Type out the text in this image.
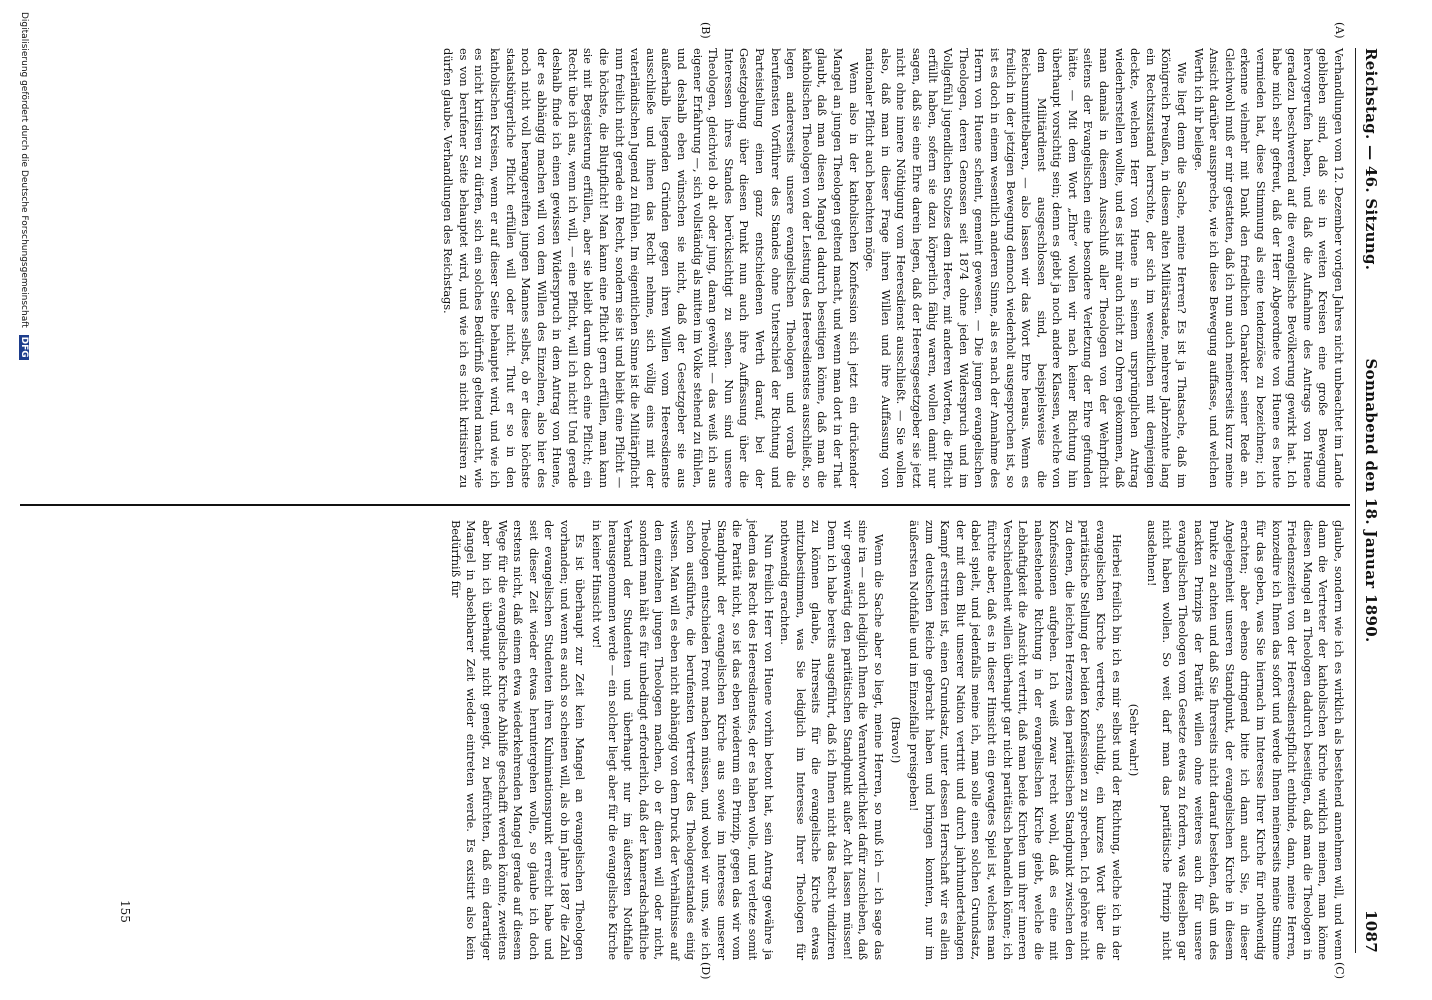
Reichstag. — 46. Sitzung.
Sonnabend den 18. Januar 1890.
1087
(A)
(B)
(C)
(D)

Verhandlungen vom 12. Dezember vorigen Jahres nicht unbeachtet im Lande geblieben sind, daß sie in weiten Kreisen eine große Bewegung hervorgerufen haben, und daß die Aufnahme des Antrags von Huene geradezu beschwerend auf die evangelische Bevölkerung gewirkt hat. Ich habe mich sehr gefreut, daß der Herr Abgeordnete von Huene es heute vermieden hat, diese Stimmung als eine tendenziöse zu bezeichnen; ich erkenne vielmehr mit Dank den friedlichen Charakter seiner Rede an. Gleichwohl muß er mir gestatten, daß ich nun auch meinerseits kurz meine Ansicht darüber ausspreche, wie ich diese Bewegung auffasse, und welchen Werth ich ihr beilege.

Wie liegt denn die Sache, meine Herren? Es ist ja Thatsache, daß im Königreich Preußen, in diesem alten Militärstaate, mehrere Jahrzehnte lang ein Rechtszustand herrschte, der sich im wesentlichen mit demjenigen deckte, welchen Herr von Huene in seinem ursprünglichen Antrag wiederherstellen wollte, und es ist mir auch nicht zu Ohren gekommen, daß man damals in diesem Ausschluß aller Theologen von der Wehrpflicht seitens der Evangelischen eine besondere Verletzung der Ehre gefunden hätte. — Mit dem Wort „Ehre“ wollen wir nach keiner Richtung hin überhaupt vorsichtig sein; denn es giebt ja noch andere Klassen, welche von dem Militärdienst ausgeschlossen sind, beispielsweise die Reichsunmittelbaren, — also lassen wir das Wort Ehre heraus. Wenn es freilich in der jetzigen Bewegung dennoch wiederholt ausgesprochen ist, so ist es doch in einem wesentlich anderen Sinne, als es nach der Annahme des Herrn von Huene scheint, gemeint gewesen. — Die jungen evangelischen Theologen, deren Genossen seit 1874 ohne jeden Widerspruch und im Vollgefühl jugendlichen Stolzes dem Heere, mit anderen Worten, die Pflicht erfüllt haben, sofern sie dazu körperlich fähig waren, wollen damit nur sagen, daß sie eine Ehre darein legen, daß der Heeresgesetzgeber sie jetzt nicht ohne innere Nöthigung vom Heeresdienst ausschließt. — Sie wollen also, daß man in dieser Frage ihren Willen und ihre Auffassung von nationaler Pflicht auch beachten möge.

Wenn also in der katholischen Konfession sich jetzt ein drückender Mangel an jungen Theologen geltend macht, und wenn man dort in der That glaubt, daß man diesen Mangel dadurch beseitigen könne, daß man die katholischen Theologen von der Leistung des Heeresdienstes ausschließt, so legen andererseits unsere evangelischen Theologen und vorab die berufensten Vorführer des Standes ohne Unterschied der Richtung und Parteistellung einen ganz entschiedenen Werth darauf, bei der Gesetzgebung über diesen Punkt nun auch ihre Auffassung über die Interessen ihres Standes berücksichtigt zu sehen. Nun sind unsere Theologen, gleichviel ob alt oder jung, daran gewöhnt — das weiß ich aus eigener Erfahrung —, sich vollständig als mitten im Volke stehend zu fühlen, und deshalb eben wünschen sie nicht, daß der Gesetzgeber sie aus außerhalb liegenden Gründen gegen ihren Willen vom Heeresdienste ausschließe und ihnen das Recht nehme, sich völlig eins mit der vaterländischen Jugend zu fühlen. Im eigentlichen Sinne ist die Militärpflicht nun freilich nicht gerade ein Recht, sondern sie ist und bleibt eine Pflicht — die höchste, die Blutpflicht! Man kann eine Pflicht gern erfüllen, man kann sie mit Begeisterung erfüllen, aber sie bleibt darum doch eine Pflicht; ein Recht übe ich aus, wenn ich will, — eine Pflicht, will ich nicht! Und gerade deshalb finde ich einen gewissen Widerspruch in dem Antrag von Huene, der es abhängig machen will von dem Willen des Einzelnen, also hier des noch nicht voll herangereiften jungen Mannes selbst, ob er diese höchste staatsbürgerliche Pflicht erfüllen will oder nicht. Thut er so in den katholischen Kreisen, wenn er auf dieser Seite behauptet wird, und wie ich es nicht kritisiren zu dürfen, sich ein solches Bedürfniß geltend macht, wie es von berufener Seite behauptet wird, und wie ich es nicht kritisiren zu dürfen glaube. Verhandlungen des Reichstags.

glaube, sondern wie ich es wirklich als bestehend annehmen will, und wenn dann die Vertreter der katholischen Kirche wirklich meinen, man könne diesen Mangel an Theologen dadurch beseitigen, daß man die Theologen in Friedenszeiten von der Heeresdienstpflicht entbinde, dann, meine Herren, konzedire ich Ihnen das sofort und werde Ihnen meinerseits meine Stimme für das geben, was Sie hiernach im Interesse Ihrer Kirche für nothwendig erachten; aber ebenso dringend bitte ich dann auch Sie, in dieser Angelegenheit unseren Standpunkt, der evangelischen Kirche in diesem Punkte zu achten und daß Sie Ihrerseits nicht darauf bestehen, daß um des nackten Prinzips der Parität willen ohne weiteres auch für unsere evangelischen Theologen vom Gesetze etwas zu fordern, was dieselben gar nicht haben wollen. So weit darf man das paritätische Prinzip nicht ausdehnen!

(Sehr wahr!)

Hierbei freilich bin ich es mir selbst und der Richtung, welche ich in der evangelischen Kirche vertrete, schuldig, ein kurzes Wort über die paritätische Stellung der beiden Konfessionen zu sprechen. Ich gehöre nicht zu denen, die leichten Herzens den paritätischen Standpunkt zwischen den Konfessionen aufgeben. Ich weiß zwar recht wohl, daß es eine mit nahestehende Richtung in der evangelischen Kirche giebt, welche die Lebhaftigkeit die Ansicht vertritt, daß man beide Kirchen um ihrer inneren Verschiedenheit willen überhaupt gar nicht paritätisch behandeln könne; ich fürchte aber, daß es in dieser Hinsicht ein gewagtes Spiel ist, welches man dabei spielt, und jedenfalls meine ich, man solle einen solchen Grundsatz, der mit dem Blut unserer Nation vertritt und durch jahrhundertelangen Kampf erstritten ist, einen Grundsatz, unter dessen Herrschaft wir es allein zum deutschen Reiche gebracht haben und bringen konnten, nur im äußersten Nothfalle und im Einzelfalle preisgeben!

(Bravo!)

Wenn die Sache aber so liegt, meine Herren, so muß ich — ich sage das sine ira — auch lediglich Ihnen die Verantwortlichkeit dafür zuschieben, daß wir gegenwärtig den paritätischen Standpunkt außer Acht lassen müssen! Denn ich habe bereits ausgeführt, daß ich Ihnen nicht das Recht vindiziren zu können glaube, Ihrerseits für die evangelische Kirche etwas mitzubestimmen, was Sie lediglich im Interesse Ihrer Theologen für nothwendig erachten.

Nun freilich Herr von Huene vorhin betont hat, sein Antrag gewähre ja jedem das Recht des Heeresdienstes, der es haben wolle, und verletze somit die Parität nicht, so ist das eben wiederum ein Prinzip, gegen das wir vom Standpunkt der evangelischen Kirche aus sowie im Interesse unserer Theologen entschieden Front machen müssen, und wobei wir uns, wie ich schon ausführte, die berufensten Vertreter des Theologenstandes einig wissen. Man will es eben nicht abhängig von dem Druck der Verhältnisse auf den einzelnen jungen Theologen machen, ob er dienen will oder nicht, sondern man hält es für unbedingt erforderlich, daß der kameradschaftliche Verband der Studenten und überhaupt nur im äußersten Nothfalle herausgenommen werde — ein solcher liegt aber für die evangelische Kirche in keiner Hinsicht vor!

Es ist überhaupt zur Zeit kein Mangel an evangelischen Theologen vorhanden; und wenn es auch so scheinen will, als ob im Jahre 1887 die Zahl der evangelischen Studenten ihren Kulminationspunkt erreicht habe und seit dieser Zeit wieder etwas heruntergehen wolle, so glaube ich doch erstens nicht, daß einem etwa wiederkehrenden Mangel gerade auf diesem Wege für die evangelische Kirche Abhilfe geschafft werden könnte, zweitens aber bin ich überhaupt nicht geneigt, zu befürchten, daß ein derartiger Mangel in absehbarer Zeit wieder eintreten werde. Es existirt also kein Bedürfniß für

155
Digitalisierung gefördert durch die Deutsche Forschungsgemeinschaft DFG
